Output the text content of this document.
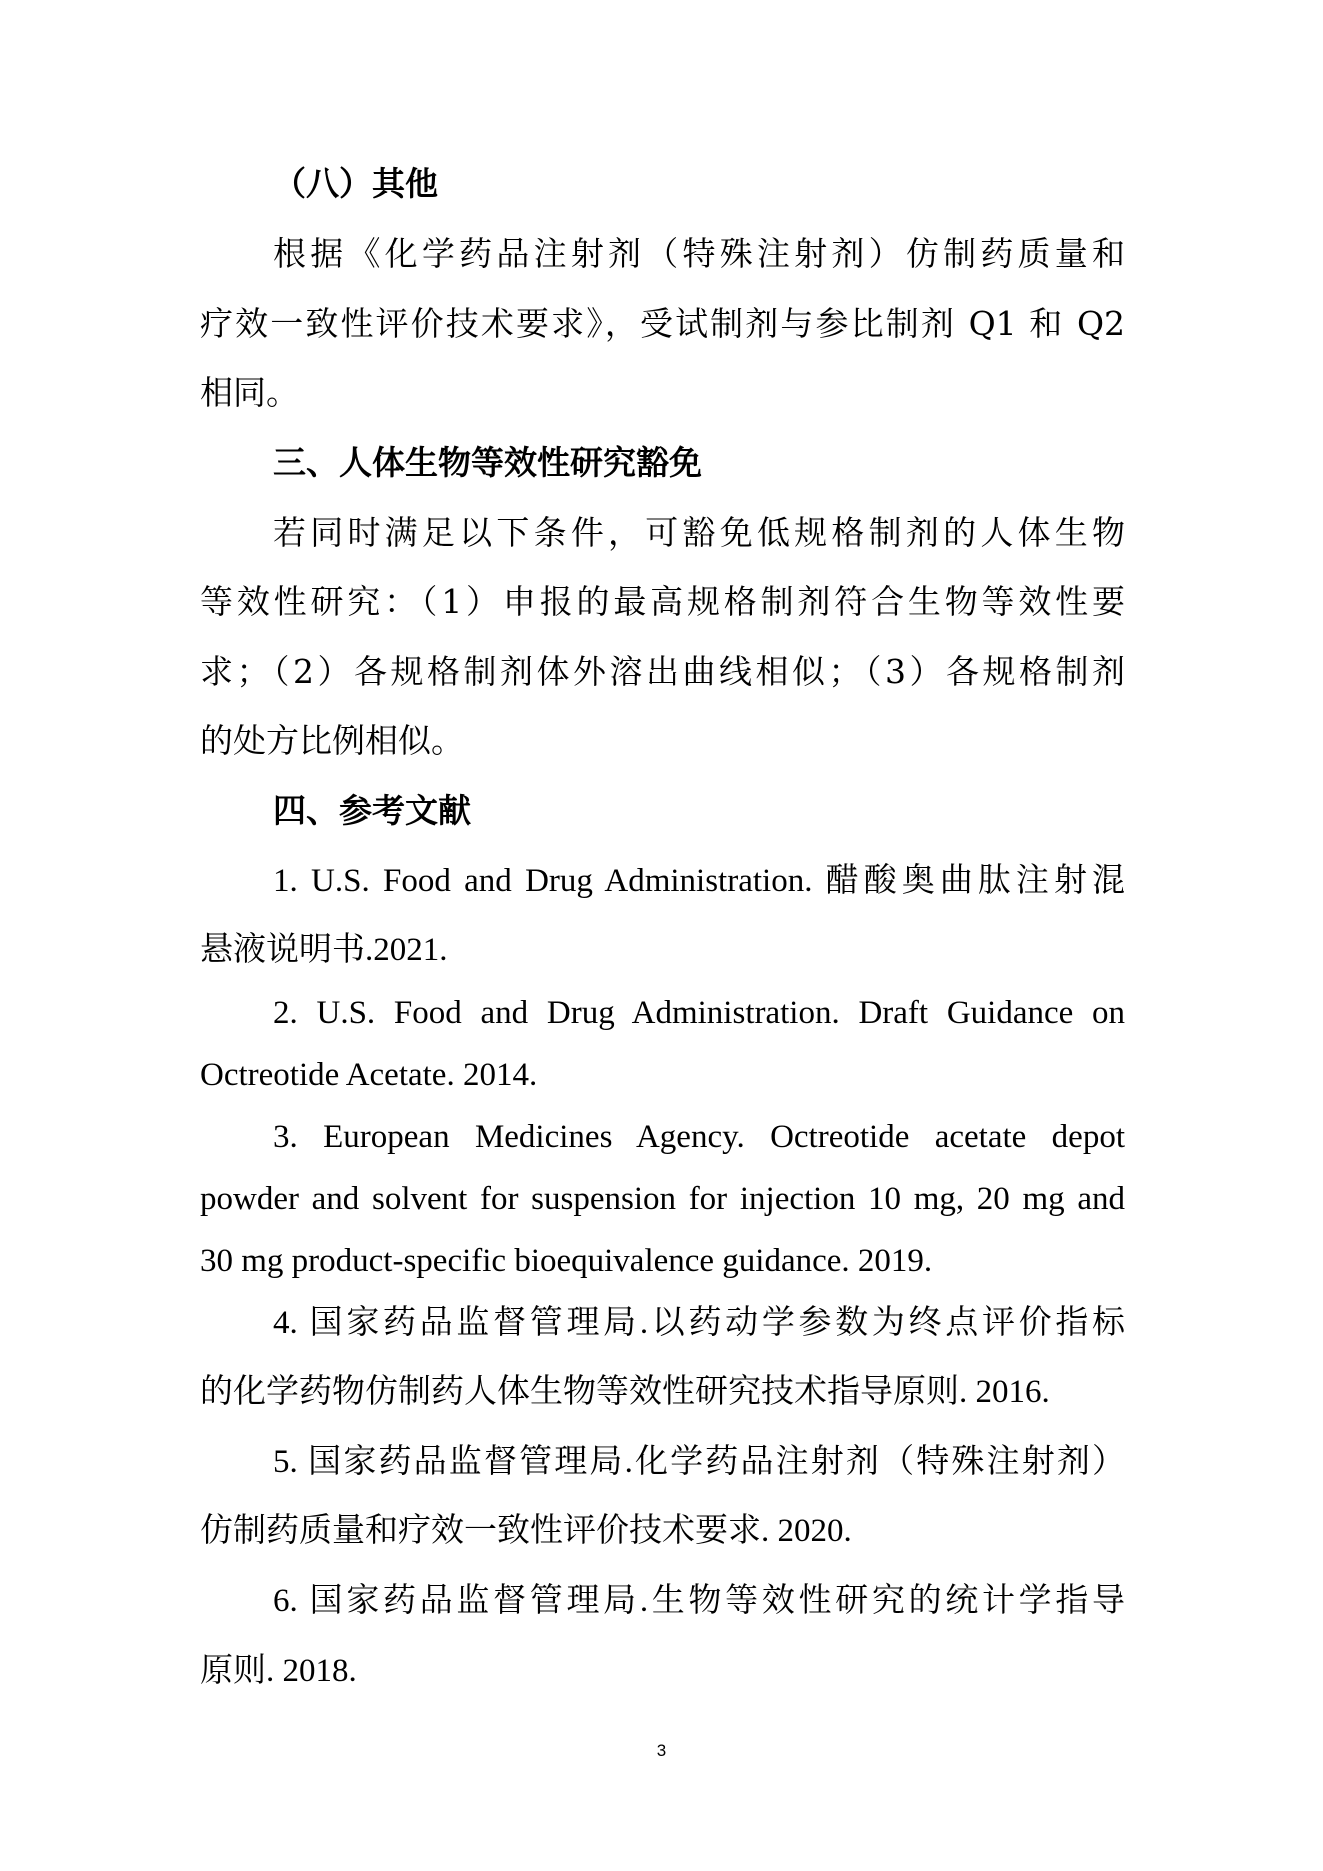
（八）其他
根据《化学药品注射剂（特殊注射剂）仿制药质量和
疗效一致性评价技术要求》，受试制剂与参比制剂 Q1 和 Q2
相同。
三、人体生物等效性研究豁免
若同时满足以下条件，可豁免低规格制剂的人体生物
等效性研究：（1）申报的最高规格制剂符合生物等效性要
求；（2）各规格制剂体外溶出曲线相似；（3）各规格制剂
的处方比例相似。
四、参考文献
1. U.S. Food and Drug Administration. 醋酸奥曲肽注射混
悬液说明书.2021.
2. U.S. Food and Drug Administration. Draft Guidance on
Octreotide Acetate. 2014.
3. European Medicines Agency. Octreotide acetate depot
powder and solvent for suspension for injection 10 mg, 20 mg and
30 mg product-specific bioequivalence guidance. 2019.
4. 国家药品监督管理局.以药动学参数为终点评价指标
的化学药物仿制药人体生物等效性研究技术指导原则. 2016.
5. 国家药品监督管理局.化学药品注射剂（特殊注射剂）
仿制药质量和疗效一致性评价技术要求. 2020.
6. 国家药品监督管理局.生物等效性研究的统计学指导
原则. 2018.
3
